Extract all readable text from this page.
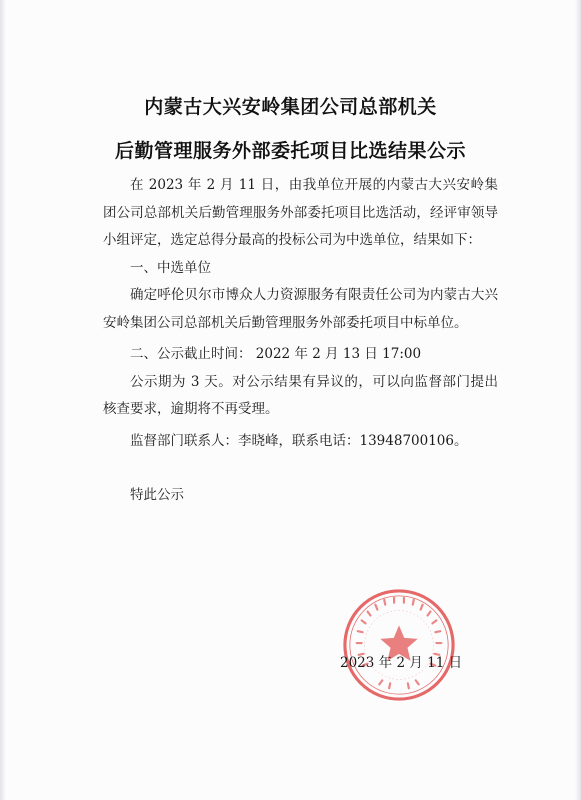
内蒙古大兴安岭集团公司总部机关
后勤管理服务外部委托项目比选结果公示

在 2023 年 2 月 11 日，由我单位开展的内蒙古大兴安岭集团公司总部机关后勤管理服务外部委托项目比选活动，经评审领导小组评定，选定总得分最高的投标公司为中选单位，结果如下：

一、中选单位

确定呼伦贝尔市博众人力资源服务有限责任公司为内蒙古大兴安岭集团公司总部机关后勤管理服务外部委托项目中标单位。

二、公示截止时间： 2022 年 2 月 13 日 17:00

公示期为 3 天。对公示结果有异议的，可以向监督部门提出核查要求，逾期将不再受理。

监督部门联系人：李晓峰，联系电话：13948700106。

特此公示

2023 年 2 月 11 日
